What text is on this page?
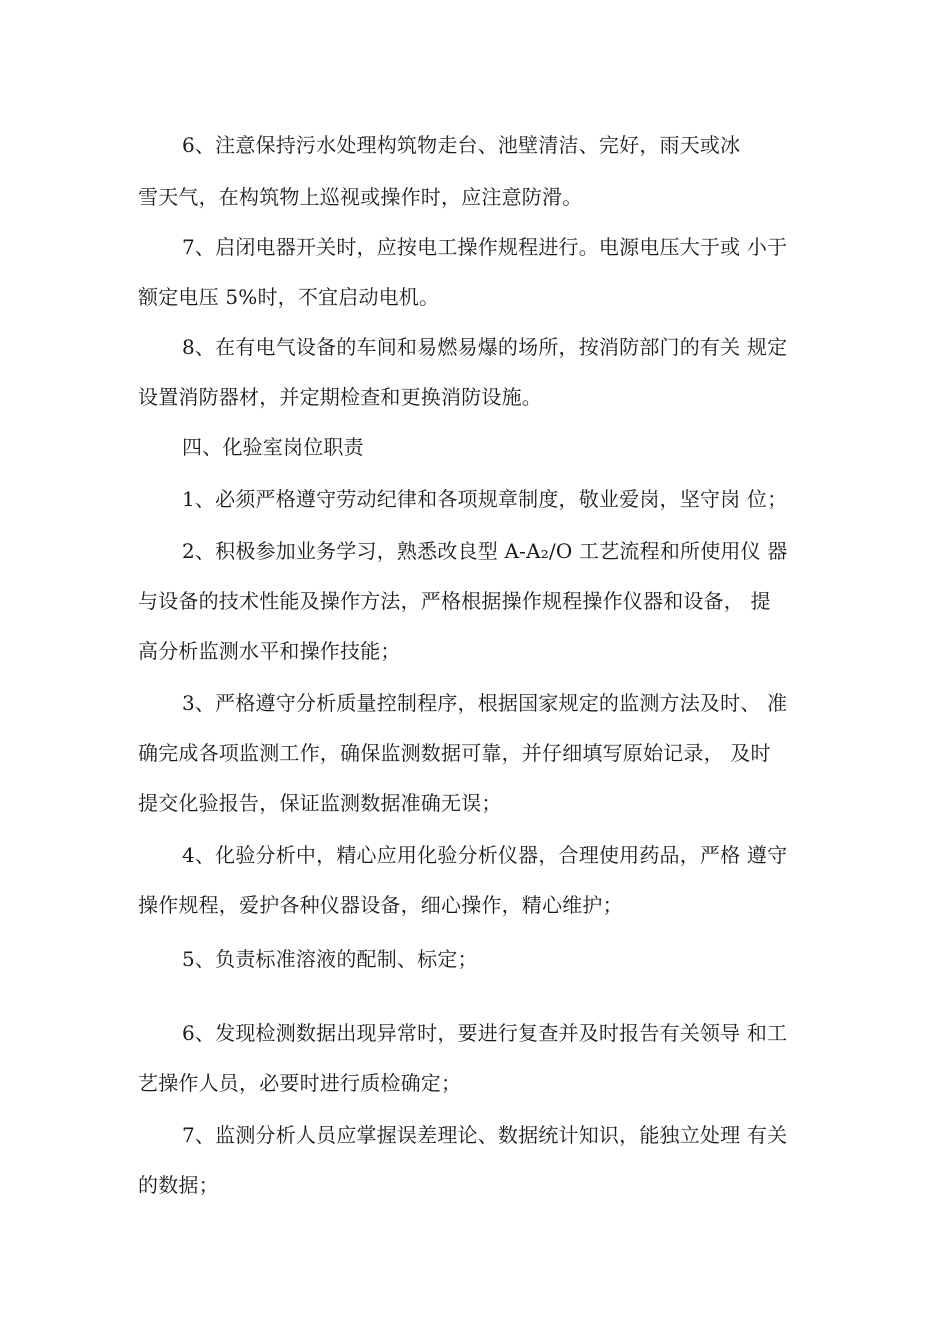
6、注意保持污水处理构筑物走台、池壁清洁、完好，雨天或冰
雪天气，在构筑物上巡视或操作时，应注意防滑。
7、启闭电器开关时，应按电工操作规程进行。电源电压大于或 小于
额定电压 5%时，不宜启动电机。
8、在有电气设备的车间和易燃易爆的场所，按消防部门的有关 规定
设置消防器材，并定期检查和更换消防设施。
四、化验室岗位职责
1、必须严格遵守劳动纪律和各项规章制度，敬业爱岗，坚守岗 位；
2、积极参加业务学习，熟悉改良型 A-A₂/O 工艺流程和所使用仪 器
与设备的技术性能及操作方法，严格根据操作规程操作仪器和设备， 提
高分析监测水平和操作技能；
3、严格遵守分析质量控制程序，根据国家规定的监测方法及时、 准
确完成各项监测工作，确保监测数据可靠，并仔细填写原始记录， 及时
提交化验报告，保证监测数据准确无误；
4、化验分析中，精心应用化验分析仪器，合理使用药品，严格 遵守
操作规程，爱护各种仪器设备，细心操作，精心维护；
5、负责标准溶液的配制、标定；
6、发现检测数据出现异常时，要进行复查并及时报告有关领导 和工
艺操作人员，必要时进行质检确定；
7、监测分析人员应掌握误差理论、数据统计知识，能独立处理 有关
的数据；
